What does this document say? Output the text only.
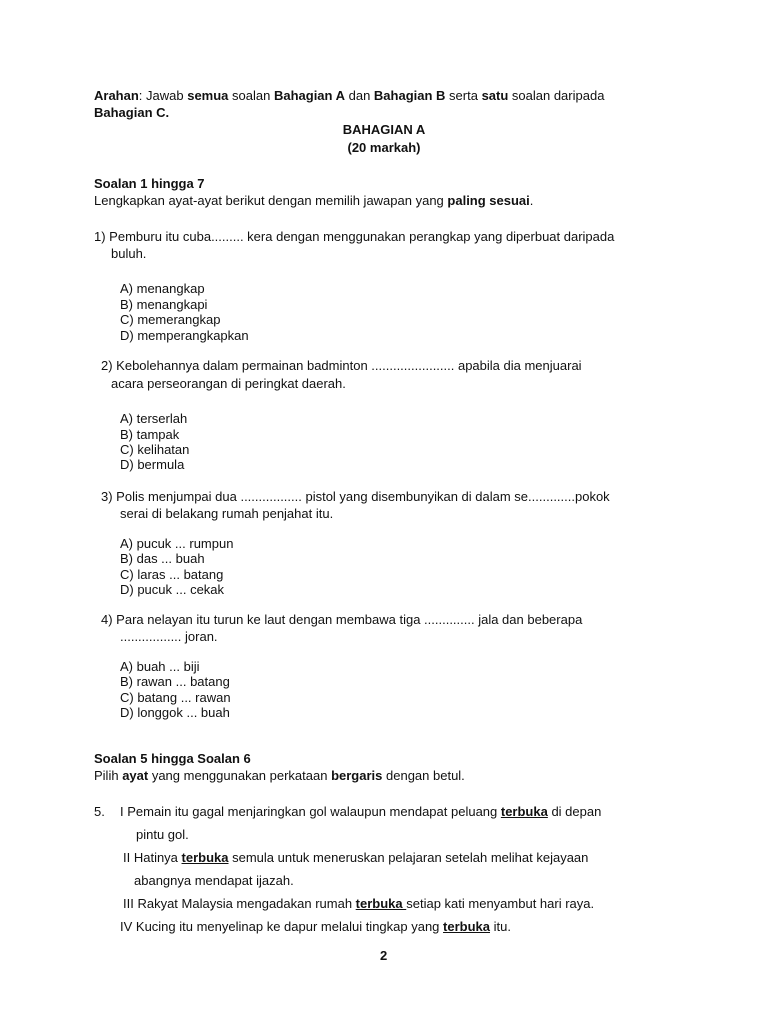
Arahan: Jawab semua soalan Bahagian A dan Bahagian B serta satu soalan daripada
Bahagian C.
BAHAGIAN A
(20 markah)
Soalan 1 hingga 7
Lengkapkan ayat-ayat berikut dengan memilih jawapan yang paling sesuai.
1) Pemburu itu cuba......... kera dengan menggunakan perangkap yang diperbuat daripada
buluh.
A) menangkap
B) menangkapi
C) memerangkap
D) memperangkapkan
2) Kebolehannya dalam permainan badminton ....................... apabila dia menjuarai
acara perseorangan di peringkat daerah.
A) terserlah
B) tampak
C) kelihatan
D) bermula
3) Polis menjumpai dua ................. pistol yang disembunyikan di dalam se.............pokok
serai di belakang rumah penjahat itu.
A) pucuk ... rumpun
B) das ... buah
C) laras ... batang
D) pucuk ... cekak
4) Para nelayan itu turun ke laut dengan membawa tiga .............. jala dan beberapa
................. joran.
A) buah ... biji
B) rawan ... batang
C) batang ... rawan
D) longgok ... buah
Soalan 5 hingga Soalan 6
Pilih ayat yang menggunakan perkataan bergaris dengan betul.
5. I Pemain itu gagal menjaringkan gol walaupun mendapat peluang terbuka di depan
pintu gol.
II Hatinya terbuka semula untuk meneruskan pelajaran setelah melihat kejayaan
abangnya mendapat ijazah.
III Rakyat Malaysia mengadakan rumah terbuka setiap kati menyambut hari raya.
IV Kucing itu menyelinap ke dapur melalui tingkap yang terbuka itu.
2
